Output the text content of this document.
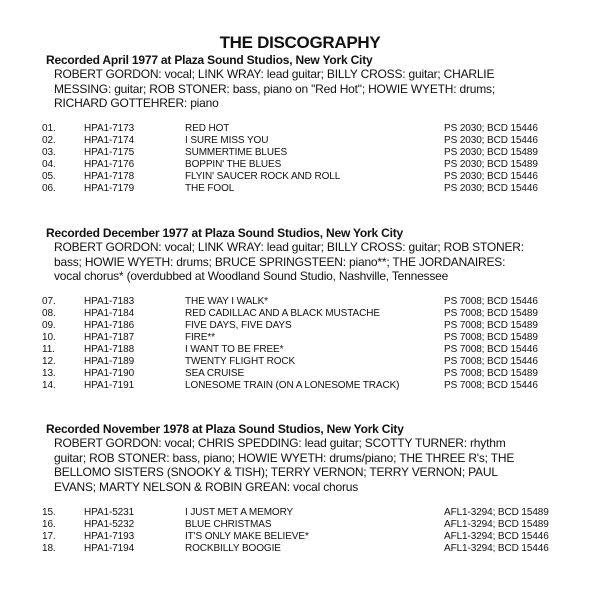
THE DISCOGRAPHY
Recorded April 1977 at Plaza Sound Studios, New York City
ROBERT GORDON: vocal; LINK WRAY: lead guitar; BILLY CROSS: guitar; CHARLIE
MESSING: guitar; ROB STONER: bass, piano on "Red Hot"; HOWIE WYETH: drums;
RICHARD GOTTEHRER: piano
01.	HPA1-7173	RED HOT	PS 2030; BCD 15446
02.	HPA1-7174	I SURE MISS YOU	PS 2030; BCD 15446
03.	HPA1-7175	SUMMERTIME BLUES	PS 2030; BCD 15489
04.	HPA1-7176	BOPPIN' THE BLUES	PS 2030; BCD 15489
05.	HPA1-7178	FLYIN' SAUCER ROCK AND ROLL	PS 2030; BCD 15446
06.	HPA1-7179	THE FOOL	PS 2030; BCD 15446
Recorded December 1977 at Plaza Sound Studios, New York City
ROBERT GORDON: vocal; LINK WRAY: lead guitar; BILLY CROSS: guitar; ROB STONER:
bass; HOWIE WYETH: drums; BRUCE SPRINGSTEEN: piano**; THE JORDANAIRES:
vocal chorus* (overdubbed at Woodland Sound Studio, Nashville, Tennessee
07.	HPA1-7183	THE WAY I WALK*	PS 7008; BCD 15446
08.	HPA1-7184	RED CADILLAC AND A BLACK MUSTACHE	PS 7008; BCD 15489
09.	HPA1-7186	FIVE DAYS, FIVE DAYS	PS 7008; BCD 15489
10.	HPA1-7187	FIRE**	PS 7008; BCD 15489
11.	HPA1-7188	I WANT TO BE FREE*	PS 7008; BCD 15446
12.	HPA1-7189	TWENTY FLIGHT ROCK	PS 7008; BCD 15446
13.	HPA1-7190	SEA CRUISE	PS 7008; BCD 15489
14.	HPA1-7191	LONESOME TRAIN (ON A LONESOME TRACK)	PS 7008; BCD 15446
Recorded November 1978 at Plaza Sound Studios, New York City
ROBERT GORDON: vocal; CHRIS SPEDDING: lead guitar; SCOTTY TURNER: rhythm
guitar; ROB STONER: bass, piano; HOWIE WYETH: drums/piano; THE THREE R's; THE
BELLOMO SISTERS (SNOOKY & TISH); TERRY VERNON; TERRY VERNON; PAUL
EVANS; MARTY NELSON & ROBIN GREAN: vocal chorus
15.	HPA1-5231	I JUST MET A MEMORY	AFL1-3294; BCD 15489
16.	HPA1-5232	BLUE CHRISTMAS	AFL1-3294; BCD 15489
17.	HPA1-7193	IT'S ONLY MAKE BELIEVE*	AFL1-3294; BCD 15446
18.	HPA1-7194	ROCKBILLY BOOGIE	AFL1-3294; BCD 15446
